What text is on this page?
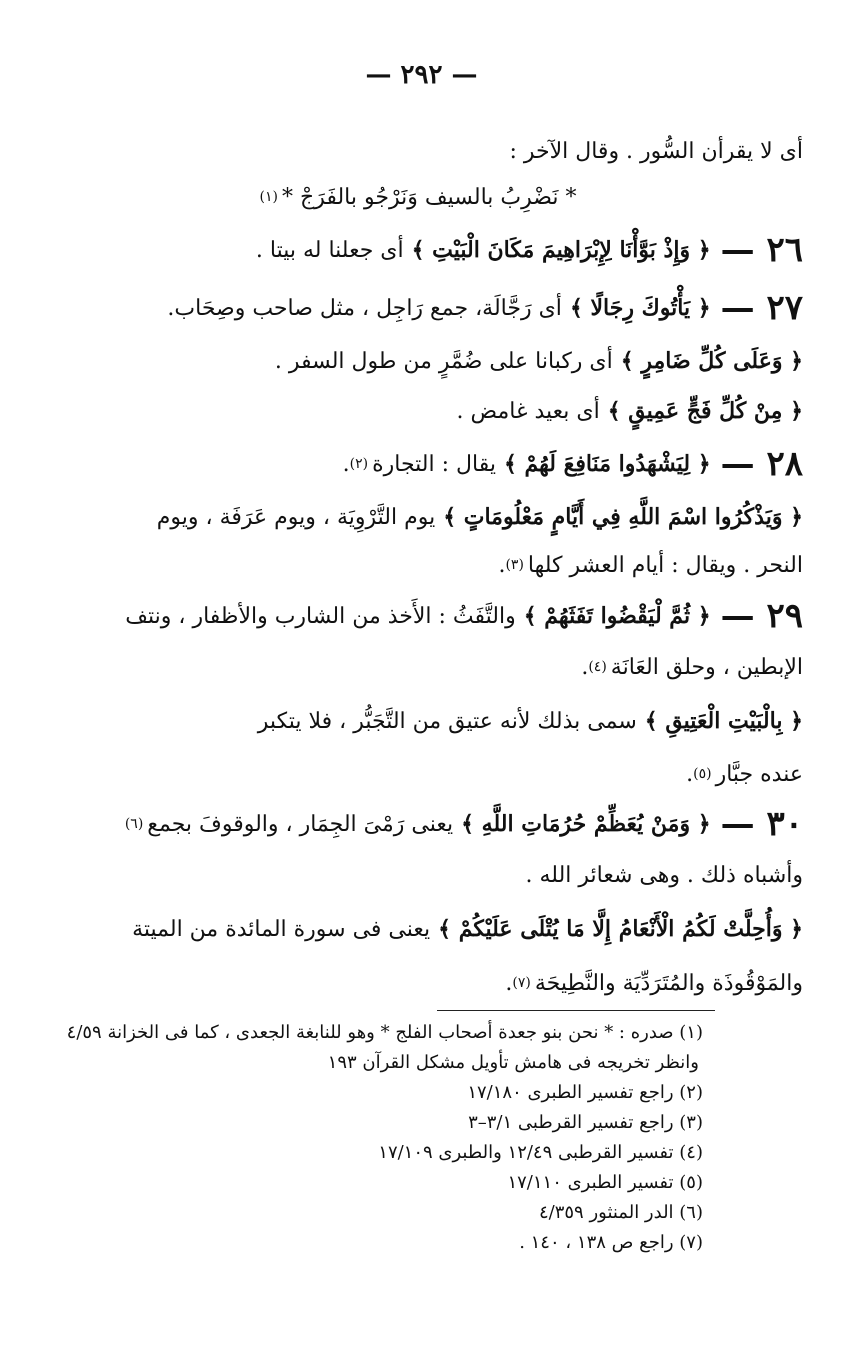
— ٢٩٢ —
أى لا يقرأن السُّور . وقال الآخر :
* نَضْرِبُ بالسيف وَنَرْجُو بالفَرَجْ *
(١)
٢٦ —
﴿ وَإِذْ بَوَّأْنَا لِإِبْرَاهِيمَ مَكَانَ الْبَيْتِ ﴾
أى جعلنا له بيتا .
٢٧ —
﴿ يَأْتُوكَ رِجَالًا ﴾
أى رَجَّالَة، جمع رَاجِل ، مثل صاحب وصِحَاب.
﴿ وَعَلَى كُلِّ ضَامِرٍ ﴾
أى ركبانا على ضُمَّرٍ من طول السفر .
﴿ مِنْ كُلِّ فَجٍّ عَمِيقٍ ﴾
أى بعيد غامض .
٢٨ —
﴿ لِيَشْهَدُوا مَنَافِعَ لَهُمْ ﴾
يقال : التجارة
(٢)
.
﴿ وَيَذْكُرُوا اسْمَ اللَّهِ فِي أَيَّامٍ مَعْلُومَاتٍ ﴾
يوم التَّرْوِيَة ، ويوم عَرَفَة ، ويوم
النحر . ويقال : أيام العشر كلها
(٣)
.
٢٩ —
﴿ ثُمَّ لْيَقْضُوا تَفَثَهُمْ ﴾
والتَّفَثُ : الأَخذ من الشارب والأظفار ، ونتف
الإبطين ، وحلق العَانَة
(٤)
.
﴿ بِالْبَيْتِ الْعَتِيقِ ﴾
سمى بذلك لأنه عتيق من التَّجَبُّر ، فلا يتكبر
عنده جبَّار
(٥)
.
٣٠ —
﴿ وَمَنْ يُعَظِّمْ حُرُمَاتِ اللَّهِ ﴾
يعنى رَمْىَ الجِمَار ، والوقوفَ بجمع
(٦)
وأشباه ذلك . وهى شعائر الله .
﴿ وَأُحِلَّتْ لَكُمُ الْأَنْعَامُ إِلَّا مَا يُتْلَى عَلَيْكُمْ ﴾
يعنى فى سورة المائدة من الميتة
والمَوْقُوذَة والمُتَرَدِّيَة والنَّطِيحَة
(٧)
.
(١) صدره : * نحن بنو جعدة أصحاب الفلج * وهو للنابغة الجعدى ، كما فى الخزانة ٤/٥٩
وانظر تخريجه فى هامش تأويل مشكل القرآن ١٩٣
(٢) راجع تفسير الطبرى ١٧/١٨٠
(٣) راجع تفسير القرطبى ٣/١–٣
(٤) تفسير القرطبى ١٢/٤٩ والطبرى ١٧/١٠٩
(٥) تفسير الطبرى ١٧/١١٠
(٦) الدر المنثور ٤/٣٥٩
(٧) راجع ص ١٣٨ ، ١٤٠ .
